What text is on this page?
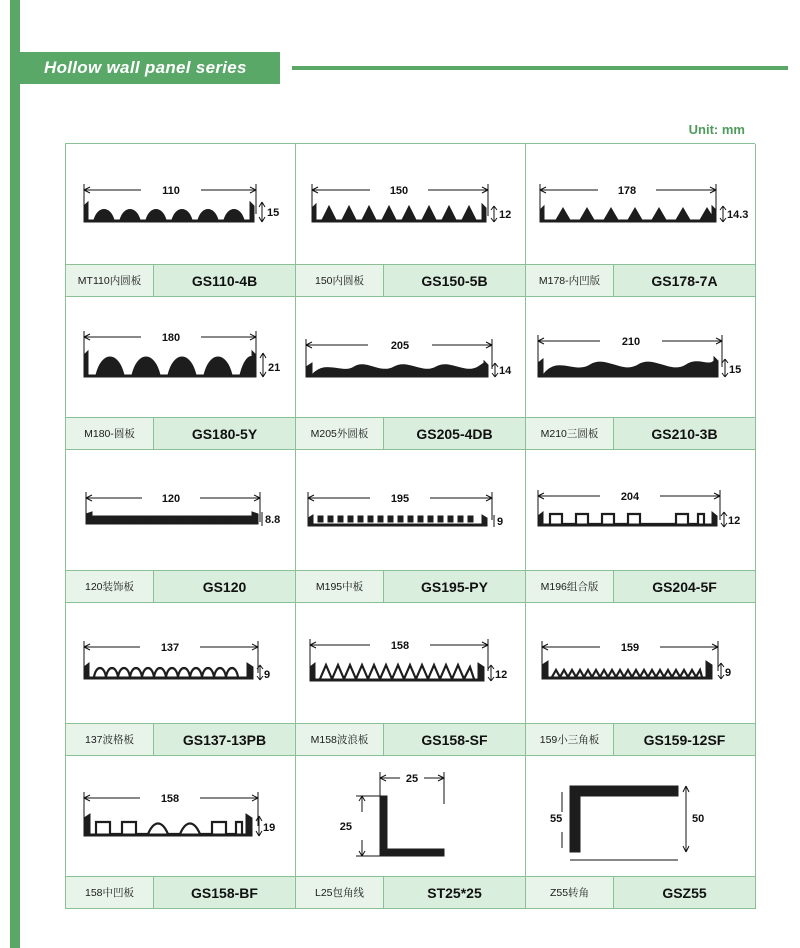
Hollow wall panel series
Unit: mm
110
15
MT110内圆板	GS110-4B
150
12
150内圆板	GS150-5B
178
14.3
M178-内凹版	GS178-7A
180
21
M180-圆板	GS180-5Y
205
14
M205外圆板	GS205-4DB
210
15
M210三圆板	GS210-3B
120
8.8
120装饰板	GS120
195
9
M195中板	GS195-PY
204
12
M196组合版	GS204-5F
137
9
137波格板	GS137-13PB
158
12
M158波浪板	GS158-SF
159
9
159小三角板	GS159-12SF
158
19
158中凹板	GS158-BF
25
25
L25包角线	ST25*25
50
55
Z55转角	GSZ55
